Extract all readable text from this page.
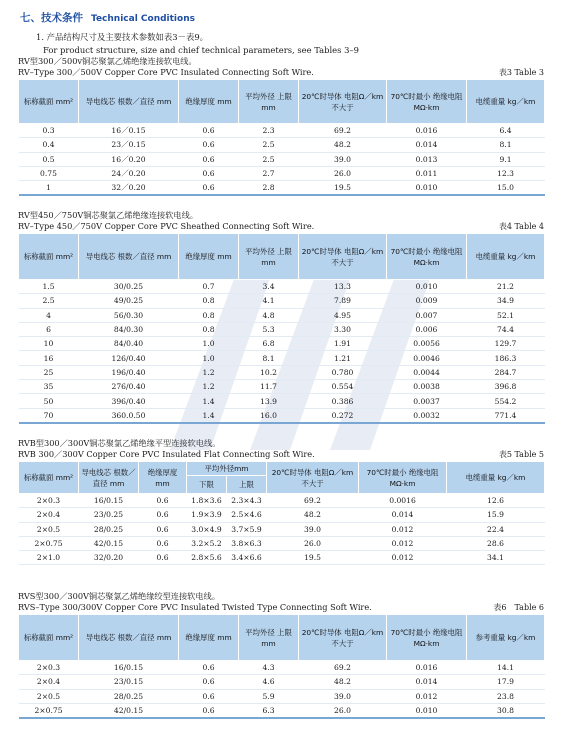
七、技术条件 Technical Conditions
1. 产品结构尺寸及主要技术参数如表3－表9。
For product structure, size and chief technical parameters, see Tables 3–9
RV型300／500v铜芯聚氯乙烯绝缘连接软电线。
RV–Type 300／500V Copper Core PVC Insulated Connecting Soft Wire.	表3 Table 3
标称截面 mm²	导电线芯 根数／直径 mm	绝缘厚度 mm	平均外径 上限mm	20℃时导体 电阻Ω／km 不大于	70℃时最小 绝缘电阻 MΩ·km	电缆重量 kg／km
0.3	16／0.15	0.6	2.3	69.2	0.016	6.4
0.4	23／0.15	0.6	2.5	48.2	0.014	8.1
0.5	16／0.20	0.6	2.5	39.0	0.013	9.1
0.75	24／0.20	0.6	2.7	26.0	0.011	12.3
1	32／0.20	0.6	2.8	19.5	0.010	15.0
RV型450／750V铜芯聚氯乙烯绝缘连接软电线。
RV–Type 450／750V Copper Core PVC Sheathed Connecting Soft Wire.	表4 Table 4
标称截面 mm²	导电线芯 根数／直径 mm	绝缘厚度 mm	平均外径 上限mm	20℃时导体 电阻Ω／km 不大于	70℃时最小 绝缘电阻 MΩ·km	电缆重量 kg／km
1.5	30/0.25	0.7	3.4	13.3	0.010	21.2
2.5	49/0.25	0.8	4.1	7.89	0.009	34.9
4	56/0.30	0.8	4.8	4.95	0.007	52.1
6	84/0.30	0.8	5.3	3.30	0.006	74.4
10	84/0.40	1.0	6.8	1.91	0.0056	129.7
16	126/0.40	1.0	8.1	1.21	0.0046	186.3
25	196/0.40	1.2	10.2	0.780	0.0044	284.7
35	276/0.40	1.2	11.7	0.554	0.0038	396.8
50	396/0.40	1.4	13.9	0.386	0.0037	554.2
70	360.0.50	1.4	16.0	0.272	0.0032	771.4
RVB型300／300V铜芯聚氯乙烯绝缘平型连接软电线。
RVB 300／300V Copper Core PVC Insulated Flat Connecting Soft Wire.	表5 Table 5
标称截面 mm²	导电线芯 根数／直径 mm	绝缘厚度 mm	平均外径mm		20℃时导体 电阻Ω／km 不大于	70℃时最小 绝缘电阻 MΩ·km	电缆重量 kg／km
			下限	上限			
2×0.3	16/0.15	0.6	1.8×3.6	2.3×4.3	69.2	0.0016	12.6
2×0.4	23/0.25	0.6	1.9×3.9	2.5×4.6	48.2	0.014	15.9
2×0.5	28/0.25	0.6	3.0×4.9	3.7×5.9	39.0	0.012	22.4
2×0.75	42/0.15	0.6	3.2×5.2	3.8×6.3	26.0	0.012	28.6
2×1.0	32/0.20	0.6	2.8×5.6	3.4×6.6	19.5	0.012	34.1
RVS型300／300V铜芯聚氯乙烯绝缘绞型连接软电线。
RVS–Type 300/300V Copper Core PVC Insulated Twisted Type Connecting Soft Wire.	表6　Table 6
标称截面 mm²	导电线芯 根数／直径 mm	绝缘厚度 mm	平均外径 上限mm	20℃时导体 电阻Ω／km 不大于	70℃时最小 绝缘电阻 MΩ·km	参考重量 kg／km
2×0.3	16/0.15	0.6	4.3	69.2	0.016	14.1
2×0.4	23/0.15	0.6	4.6	48.2	0.014	17.9
2×0.5	28/0.25	0.6	5.9	39.0	0.012	23.8
2×0.75	42/0.15	0.6	6.3	26.0	0.010	30.8
